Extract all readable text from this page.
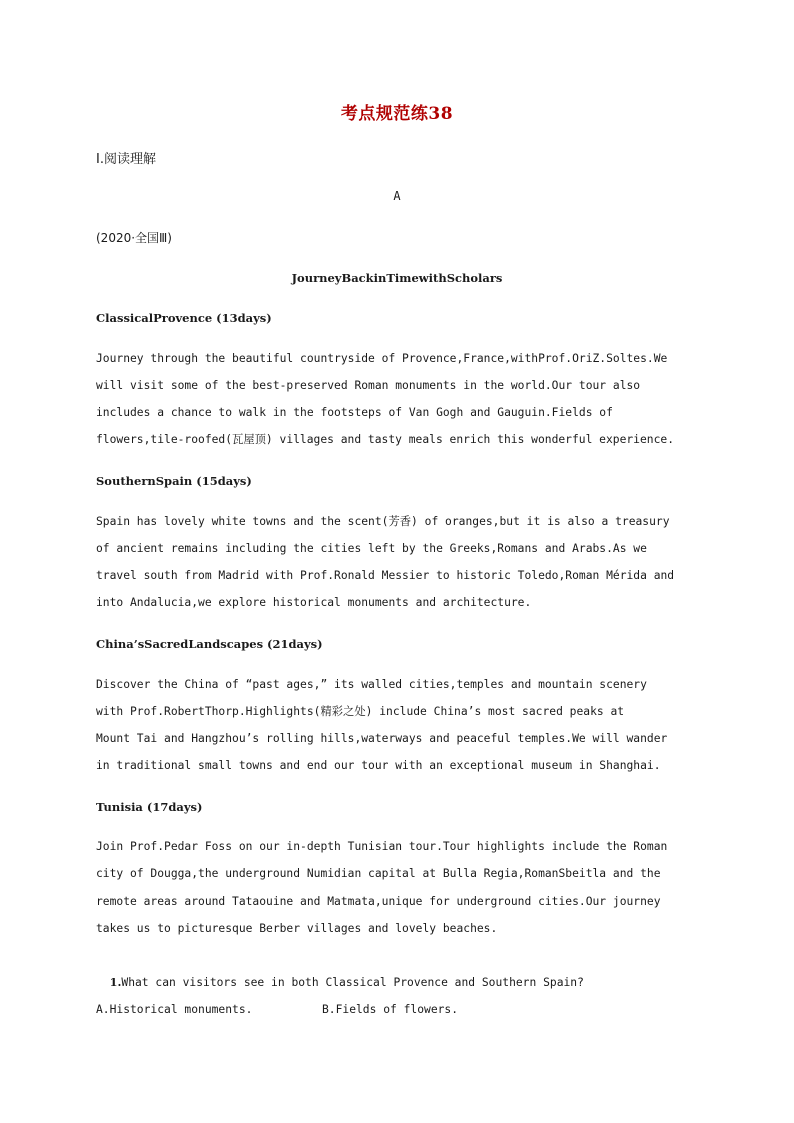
考点规范练38
Ⅰ.阅读理解
A
(2020·全国Ⅲ)
JourneyBackinTimewithScholars
ClassicalProvence (13days)
Journey through the beautiful countryside of Provence,France,withProf.OriZ.Soltes.We
will visit some of the best-preserved Roman monuments in the world.Our tour also
includes a chance to walk in the footsteps of Van Gogh and Gauguin.Fields of
flowers,tile-roofed(瓦屋顶) villages and tasty meals enrich this wonderful experience.
SouthernSpain (15days)
Spain has lovely white towns and the scent(芳香) of oranges,but it is also a treasury
of ancient remains including the cities left by the Greeks,Romans and Arabs.As we
travel south from Madrid with Prof.Ronald Messier to historic Toledo,Roman Mérida and
into Andalucia,we explore historical monuments and architecture.
China’sSacredLandscapes (21days)
Discover the China of “past ages,” its walled cities,temples and mountain scenery
with Prof.RobertThorp.Highlights(精彩之处) include China’s most sacred peaks at
Mount Tai and Hangzhou’s rolling hills,waterways and peaceful temples.We will wander
in traditional small towns and end our tour with an exceptional museum in Shanghai.
Tunisia (17days)
Join Prof.Pedar Foss on our in-depth Tunisian tour.Tour highlights include the Roman
city of Dougga,the underground Numidian capital at Bulla Regia,RomanSbeitla and the
remote areas around Tataouine and Matmata,unique for underground cities.Our journey
takes us to picturesque Berber villages and lovely beaches.

1.What can visitors see in both Classical Provence and Southern Spain?

A.Historical monuments.	B.Fields of flowers.
